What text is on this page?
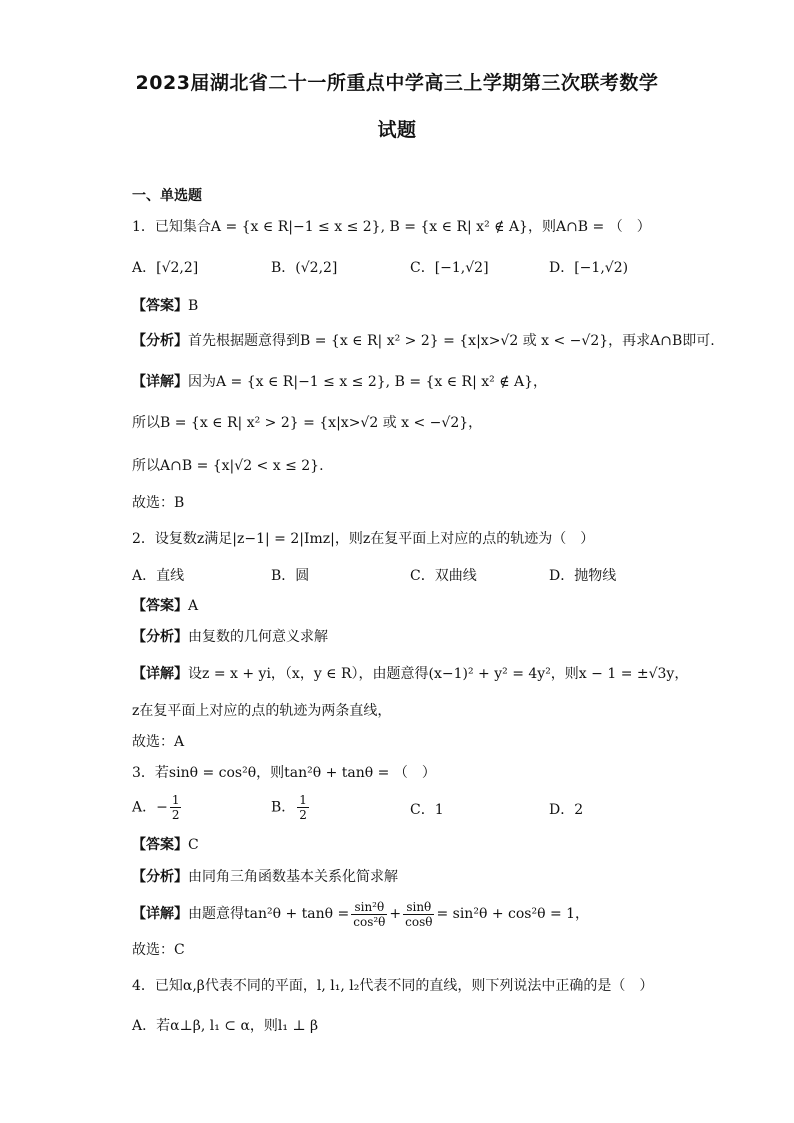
2023届湖北省二十一所重点中学高三上学期第三次联考数学
试题
一、单选题
1．已知集合A = {x ∈ R|−1 ≤ x ≤ 2}, B = {x ∈ R| x² ∉ A}，则A∩B = （　）
A．[√2,2]	B．(√2,2]	C．[−1,√2]	D．[−1,√2)
【答案】B
【分析】首先根据题意得到B = {x ∈ R| x² > 2} = {x|x>√2 或 x < −√2}，再求A∩B即可.
【详解】因为A = {x ∈ R|−1 ≤ x ≤ 2}, B = {x ∈ R| x² ∉ A}，
所以B = {x ∈ R| x² > 2} = {x|x>√2 或 x < −√2}，
所以A∩B = {x|√2 < x ≤ 2}.
故选：B
2．设复数z满足|z−1| = 2|Imz|，则z在复平面上对应的点的轨迹为（　）
A．直线	B．圆	C．双曲线	D．抛物线
【答案】A
【分析】由复数的几何意义求解
【详解】设z = x + yi，（x，y ∈ R），由题意得(x−1)² + y² = 4y²，则x − 1 = ±√3y，
z在复平面上对应的点的轨迹为两条直线，
故选：A
3．若sinθ = cos²θ，则tan²θ + tanθ = （　）
A．− $\frac{1}{2}$	B． $\frac{1}{2}$	C．1	D．2
【答案】C
【分析】由同角三角函数基本关系化简求解
【详解】由题意得$\tan^2\theta + \tan\theta = \frac{\text{sin²θ}}{\text{cos²θ}} + \frac{\sin\theta}{\cos\theta} = \sin^2\theta + \cos^2\theta = 1$，
故选：C
4．已知α,β代表不同的平面，l, l₁, l₂代表不同的直线，则下列说法中正确的是（　）
A．若α⊥β, l₁ ⊂ α，则l₁ ⊥ β
